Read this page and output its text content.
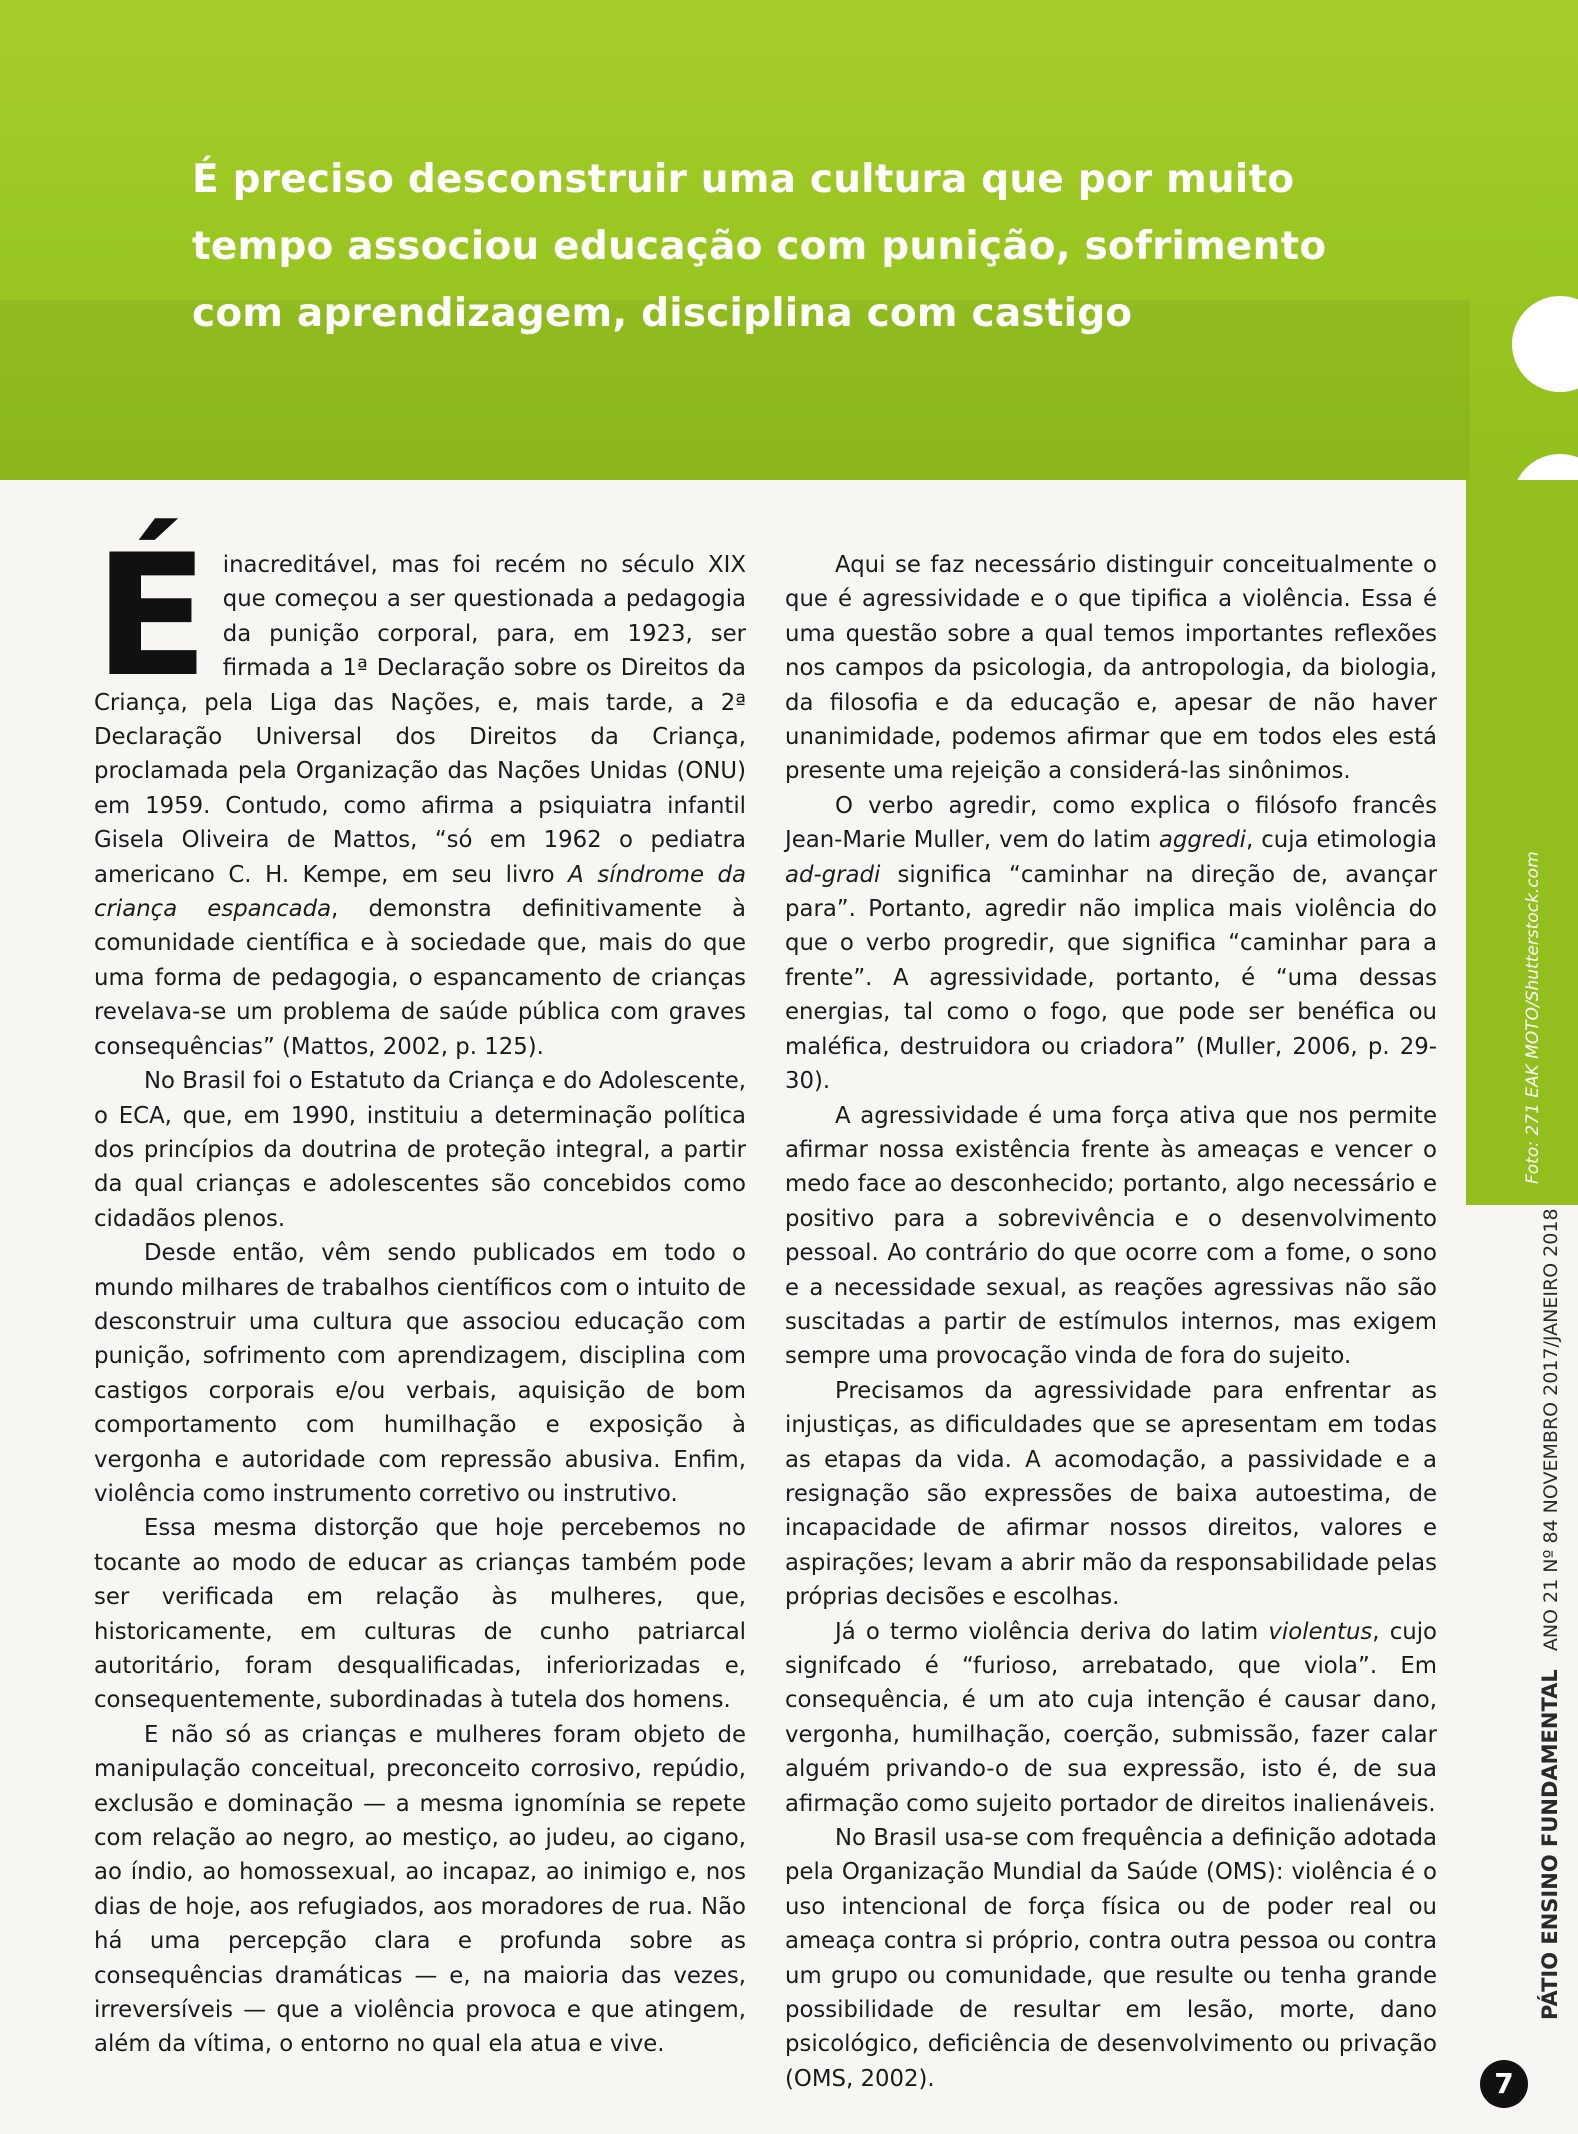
É preciso desconstruir uma cultura que por muito tempo associou educação com punição, sofrimento com aprendizagem, disciplina com castigo
Foto: 271 EAK MOTO/Shutterstock.com
PÁTIO ENSINO FUNDAMENTAL ANO 21 Nº 84 NOVEMBRO 2017/JANEIRO 2018
7

É inacreditável, mas foi recém no século XIX que começou a ser questionada a pedagogia da punição corporal, para, em 1923, ser firmada a 1ª Declaração sobre os Direitos da Criança, pela Liga das Nações, e, mais tarde, a 2ª Declaração Universal dos Direitos da Criança, proclamada pela Organização das Nações Unidas (ONU) em 1959. Contudo, como afirma a psiquiatra infantil Gisela Oliveira de Mattos, “só em 1962 o pediatra americano C. H. Kempe, em seu livro A síndrome da criança espancada, demonstra definitivamente à comunidade científica e à sociedade que, mais do que uma forma de pedagogia, o espancamento de crianças revelava-se um problema de saúde pública com graves consequências” (Mattos, 2002, p. 125).

No Brasil foi o Estatuto da Criança e do Adolescente, o ECA, que, em 1990, instituiu a determinação política dos princípios da doutrina de proteção integral, a partir da qual crianças e adolescentes são concebidos como cidadãos plenos.

Desde então, vêm sendo publicados em todo o mundo milhares de trabalhos científicos com o intuito de desconstruir uma cultura que associou educação com punição, sofrimento com aprendizagem, disciplina com castigos corporais e/ou verbais, aquisição de bom comportamento com humilhação e exposição à vergonha e autoridade com repressão abusiva. Enfim, violência como instrumento corretivo ou instrutivo.

Essa mesma distorção que hoje percebemos no tocante ao modo de educar as crianças também pode ser verificada em relação às mulheres, que, historicamente, em culturas de cunho patriarcal autoritário, foram desqualificadas, inferiorizadas e, consequentemente, subordinadas à tutela dos homens.

E não só as crianças e mulheres foram objeto de manipulação conceitual, preconceito corrosivo, repúdio, exclusão e dominação — a mesma ignomínia se repete com relação ao negro, ao mestiço, ao judeu, ao cigano, ao índio, ao homossexual, ao incapaz, ao inimigo e, nos dias de hoje, aos refugiados, aos moradores de rua. Não há uma percepção clara e profunda sobre as consequências dramáticas — e, na maioria das vezes, irreversíveis — que a violência provoca e que atingem, além da vítima, o entorno no qual ela atua e vive.

Aqui se faz necessário distinguir conceitualmente o que é agressividade e o que tipifica a violência. Essa é uma questão sobre a qual temos importantes reflexões nos campos da psicologia, da antropologia, da biologia, da filosofia e da educação e, apesar de não haver unanimidade, podemos afirmar que em todos eles está presente uma rejeição a considerá-las sinônimos.

O verbo agredir, como explica o filósofo francês Jean-Marie Muller, vem do latim aggredi, cuja etimologia ad-gradi significa “caminhar na direção de, avançar para”. Portanto, agredir não implica mais violência do que o verbo progredir, que significa “caminhar para a frente”. A agressividade, portanto, é “uma dessas energias, tal como o fogo, que pode ser benéfica ou maléfica, destruidora ou criadora” (Muller, 2006, p. 29-30).

A agressividade é uma força ativa que nos permite afirmar nossa existência frente às ameaças e vencer o medo face ao desconhecido; portanto, algo necessário e positivo para a sobrevivência e o desenvolvimento pessoal. Ao contrário do que ocorre com a fome, o sono e a necessidade sexual, as reações agressivas não são suscitadas a partir de estímulos internos, mas exigem sempre uma provocação vinda de fora do sujeito.

Precisamos da agressividade para enfrentar as injustiças, as dificuldades que se apresentam em todas as etapas da vida. A acomodação, a passividade e a resignação são expressões de baixa autoestima, de incapacidade de afirmar nossos direitos, valores e aspirações; levam a abrir mão da responsabilidade pelas próprias decisões e escolhas.

Já o termo violência deriva do latim violentus, cujo signifcado é “furioso, arrebatado, que viola”. Em consequência, é um ato cuja intenção é causar dano, vergonha, humilhação, coerção, submissão, fazer calar alguém privando-o de sua expressão, isto é, de sua afirmação como sujeito portador de direitos inalienáveis.

No Brasil usa-se com frequência a definição adotada pela Organização Mundial da Saúde (OMS): violência é o uso intencional de força física ou de poder real ou ameaça contra si próprio, contra outra pessoa ou contra um grupo ou comunidade, que resulte ou tenha grande possibilidade de resultar em lesão, morte, dano psicológico, deficiência de desenvolvimento ou privação (OMS, 2002).
